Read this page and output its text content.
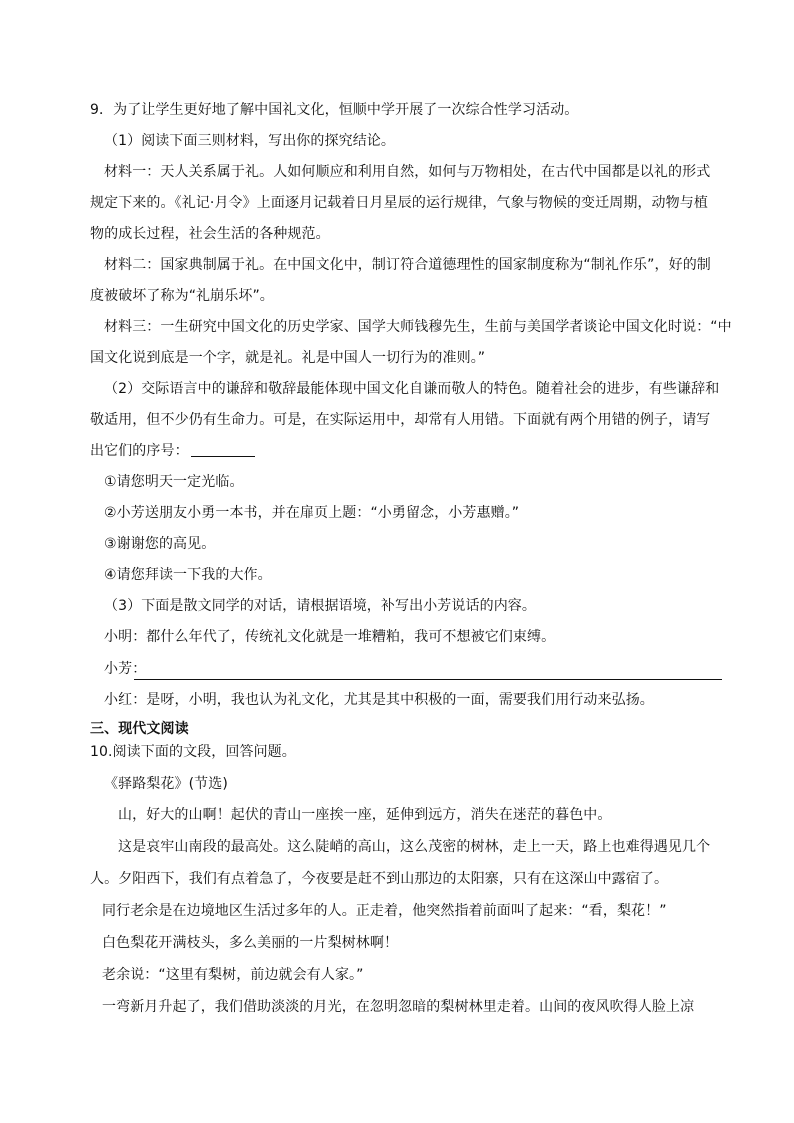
9．为了让学生更好地了解中国礼文化，恒顺中学开展了一次综合性学习活动。
（1）阅读下面三则材料，写出你的探究结论。
材料一：天人关系属于礼。人如何顺应和利用自然，如何与万物相处，在古代中国都是以礼的形式
规定下来的。《礼记·月令》上面逐月记载着日月星辰的运行规律，气象与物候的变迁周期，动物与植
物的成长过程，社会生活的各种规范。
材料二：国家典制属于礼。在中国文化中，制订符合道德理性的国家制度称为“制礼作乐”，好的制
度被破坏了称为“礼崩乐坏”。
材料三：一生研究中国文化的历史学家、国学大师钱穆先生，生前与美国学者谈论中国文化时说：“中
国文化说到底是一个字，就是礼。礼是中国人一切行为的准则。”
（2）交际语言中的谦辞和敬辞最能体现中国文化自谦而敬人的特色。随着社会的进步，有些谦辞和
敬适用，但不少仍有生命力。可是，在实际运用中，却常有人用错。下面就有两个用错的例子，请写
出它们的序号：
①请您明天一定光临。
②小芳送朋友小勇一本书，并在扉页上题：“小勇留念，小芳惠赠。”
③谢谢您的高见。
④请您拜读一下我的大作。
（3）下面是散文同学的对话，请根据语境，补写出小芳说话的内容。
小明：都什么年代了，传统礼文化就是一堆糟粕，我可不想被它们束缚。
小芳：
小红：是呀，小明，我也认为礼文化，尤其是其中积极的一面，需要我们用行动来弘扬。
三、现代文阅读
10.阅读下面的文段，回答问题。
《驿路梨花》(节选)
山，好大的山啊！起伏的青山一座挨一座，延伸到远方，消失在迷茫的暮色中。
这是哀牢山南段的最高处。这么陡峭的高山，这么茂密的树林，走上一天，路上也难得遇见几个
人。夕阳西下，我们有点着急了，今夜要是赶不到山那边的太阳寨，只有在这深山中露宿了。
同行老余是在边境地区生活过多年的人。正走着，他突然指着前面叫了起来：“看，梨花！”
白色梨花开满枝头，多么美丽的一片梨树林啊！
老余说：“这里有梨树，前边就会有人家。”
一弯新月升起了，我们借助淡淡的月光，在忽明忽暗的梨树林里走着。山间的夜风吹得人脸上凉
